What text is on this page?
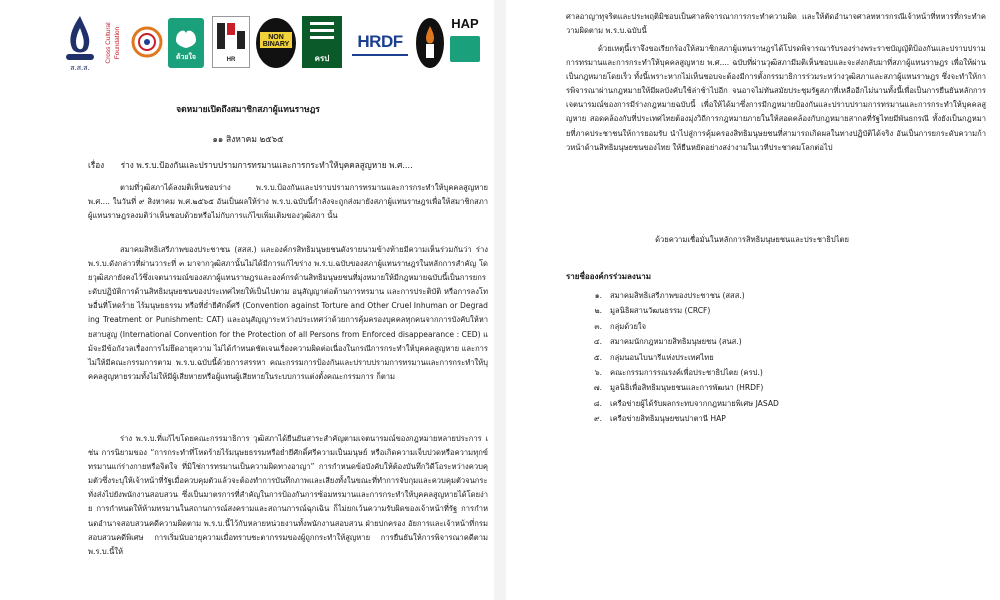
ส.ส.ส.
Cross Cultural Foundation	ด้วยใจ	HR
NON BINARY
ครป
HRDF
HAP
จดหมายเปิดถึงสมาชิกสภาผู้แทนราษฎร
๑๑ สิงหาคม ๒๕๖๕
เรื่อง ร่าง พ.ร.บ.ป้องกันและปราบปรามการทรมานและการกระทำให้บุคคลสูญหาย พ.ศ....
ตามที่วุฒิสภาได้ลงมติเห็นชอบร่าง พ.ร.บ.ป้องกันและปราบปรามการทรมานและการกระทำให้บุคคลสูญหาย พ.ศ.... ในวันที่ ๙ สิงหาคม พ.ศ.๒๕๖๕ อันเป็นผลให้ร่าง พ.ร.บ.ฉบับนี้กำลังจะถูกส่งมายังสภาผู้แทนราษฎรเพื่อให้สมาชิกสภาผู้แทนราษฎรลงมติว่าเห็นชอบด้วยหรือไม่กับการแก้ไขเพิ่มเติมของวุฒิสภา นั้น
สมาคมสิทธิเสรีภาพของประชาชน (สสส.) และองค์กรสิทธิมนุษยชนดังรายนามข้างท้ายมีความเห็นร่วมกันว่า ร่าง พ.ร.บ.ดังกล่าวที่ผ่านวาระที่ ๓ มาจากวุฒิสภานั้นไม่ได้มีการแก้ไขร่าง พ.ร.บ.ฉบับของสภาผู้แทนราษฎรในหลักการสำคัญ โดยวุฒิสภายังคงไว้ซึ่งเจตนารมณ์ของสภาผู้แทนราษฎรและองค์กรด้านสิทธิมนุษยชนที่มุ่งหมายให้มีกฎหมายฉบับนี้เป็นการยกระดับปฏิบัติการด้านสิทธิมนุษยชนของประเทศไทยให้เป็นไปตาม อนุสัญญาต่อต้านการทรมาน และการประติบัติ หรือการลงโทษอื่นที่โหดร้าย ไร้มนุษยธรรม หรือที่ย่ำยีศักดิ์ศรี (Convention against Torture and Other Cruel Inhuman or Degrading Treatment or Punishment: CAT) และอนุสัญญาระหว่างประเทศว่าด้วยการคุ้มครองบุคคลทุกคนจากการบังคับให้หายสาบสูญ (International Convention for the Protection of all Persons from Enforced disappearance : CED) แม้จะมีข้อกังวลเรื่องการไม่ยึดอายุความ ไม่ได้กำหนดชัดเจนเรื่องความผิดต่อเนื่องในกรณีการกระทำให้บุคคลสูญหาย และการไม่ให้มีคณะกรรมการตาม พ.ร.บ.ฉบับนี้ด้วยการสรรหา คณะกรรมการป้องกันและปราบปรามการทรมานและการกระทำให้บุคคลสูญหายรวมทั้งไม่ให้มีผู้เสียหายหรือผู้แทนผู้เสียหายในระบบการแต่งตั้งคณะกรรมการ ก็ตาม
ร่าง พ.ร.บ.ที่แก้ไขโดยคณะกรรมาธิการ วุฒิสภาได้ยืนยันสาระสำคัญตามเจตนารมณ์ของกฎหมายหลายประการ เช่น การนิยามของ “การกระทำที่โหดร้ายไร้มนุษยธรรมหรือย่ำยีศักดิ์ศรีความเป็นมนุษย์ หรือเกิดความเจ็บปวดหรือความทุกข์ทรมานแก่ร่างกายหรือจิตใจ ที่มิใช่การทรมานเป็นความผิดทางอาญา” การกำหนดข้อบังคับให้ต้องบันทึกวิดีโอระหว่างควบคุมตัวซึ่งระบุให้เจ้าหน้าที่รัฐเมื่อควบคุมตัวแล้วจะต้องทำการบันทึกภาพและเสียงทั้งในขณะที่ทำการจับกุมและควบคุมตัวจนกระทั่งส่งไปยังพนักงานสอบสวน ซึ่งเป็นมาตรการที่สำคัญในการป้องกันการซ้อมทรมานและการกระทำให้บุคคลสูญหายได้โดยง่าย การกำหนดให้ห้ามทรมานในสถานการณ์สงครามและสถานการณ์ฉุกเฉิน ก็ไม่ยกเว้นความรับผิดของเจ้าหน้าที่รัฐ การกำหนดอำนาจสอบสวนคดีความผิดตาม พ.ร.บ.นี้ไว้กับหลายหน่วยงานทั้งพนักงานสอบสวน ฝ่ายปกครอง อัยการและเจ้าหน้าที่กรมสอบสวนคดีพิเศษ การเริ่มนับอายุความเมื่อทราบชะตากรรมของผู้ถูกกระทำให้สูญหาย การยืนยันให้การพิจารณาคดีตาม พ.ร.บ.นี้ให้
ศาลอาญาทุจริตและประพฤติมิชอบเป็นศาลพิจารณาการกระทำความผิด และให้ตัดอำนาจศาลทหารกรณีเจ้าหน้าที่ทหารที่กระทำความผิดตาม พ.ร.บ.ฉบับนี้
ด้วยเหตุนี้เราจึงขอเรียกร้องให้สมาชิกสภาผู้แทนราษฎรได้โปรดพิจารณารับรองร่างพระราชบัญญัติป้องกันและปราบปรามการทรมานและการกระทำให้บุคคลสูญหาย พ.ศ.... ฉบับที่ผ่านวุฒิสภามีมติเห็นชอบและจะส่งกลับมาที่สภาผู้แทนราษฎร เพื่อให้ผ่านเป็นกฎหมายโดยเร็ว ทั้งนี้เพราะหากไม่เห็นชอบจะต้องมีการตั้งกรรมาธิการร่วมระหว่างวุฒิสภาและสภาผู้แทนราษฎร ซึ่งจะทำให้การพิจารณาผ่านกฎหมายให้มีผลบังคับใช้ล่าช้าไปอีก จนอาจไม่ทันสมัยประชุมรัฐสภาที่เหลืออีกไม่นานทั้งนี้เพื่อเป็นการยืนยันหลักการเจตนารมณ์ของการมีร่างกฎหมายฉบับนี้ เพื่อให้ได้มาซึ่งการมีกฎหมายป้องกันและปราบปรามการทรมานและการกระทำให้บุคคลสูญหาย สอดคล้องกับที่ประเทศไทยต้องมุ่งวิถีการกฎหมายภายในให้สอดคล้องกับกฎหมายสากลที่รัฐไทยมีพันธกรณี ทั้งยังเป็นกฎหมายที่ภาคประชาชนให้การยอมรับ นำไปสู่การคุ้มครองสิทธิมนุษยชนที่สามารถเกิดผลในทางปฏิบัติได้จริง อันเป็นการยกระดับความก้าวหน้าด้านสิทธิมนุษยชนของไทย ให้ยืนหยัดอย่างสง่างามในเวทีประชาคมโลกต่อไป
ด้วยความเชื่อมั่นในหลักการสิทธิมนุษยชนและประชาธิปไตย
รายชื่อองค์กรร่วมลงนาม
๑. สมาคมสิทธิเสรีภาพของประชาชน (สสส.)
๒. มูลนิธิผสานวัฒนธรรม (CRCF)
๓. กลุ่มด้วยใจ
๔. สมาคมนักกฎหมายสิทธิมนุษยชน (สนส.)
๕. กลุ่มนอนไบนารีแห่งประเทศไทย
๖. คณะกรรมการรณรงค์เพื่อประชาธิปไตย (ครป.)
๗. มูลนิธิเพื่อสิทธิมนุษยชนและการพัฒนา (HRDF)
๘. เครือข่ายผู้ได้รับผลกระทบจากกฎหมายพิเศษ JASAD
๙. เครือข่ายสิทธิมนุษยชนปาตานี HAP
